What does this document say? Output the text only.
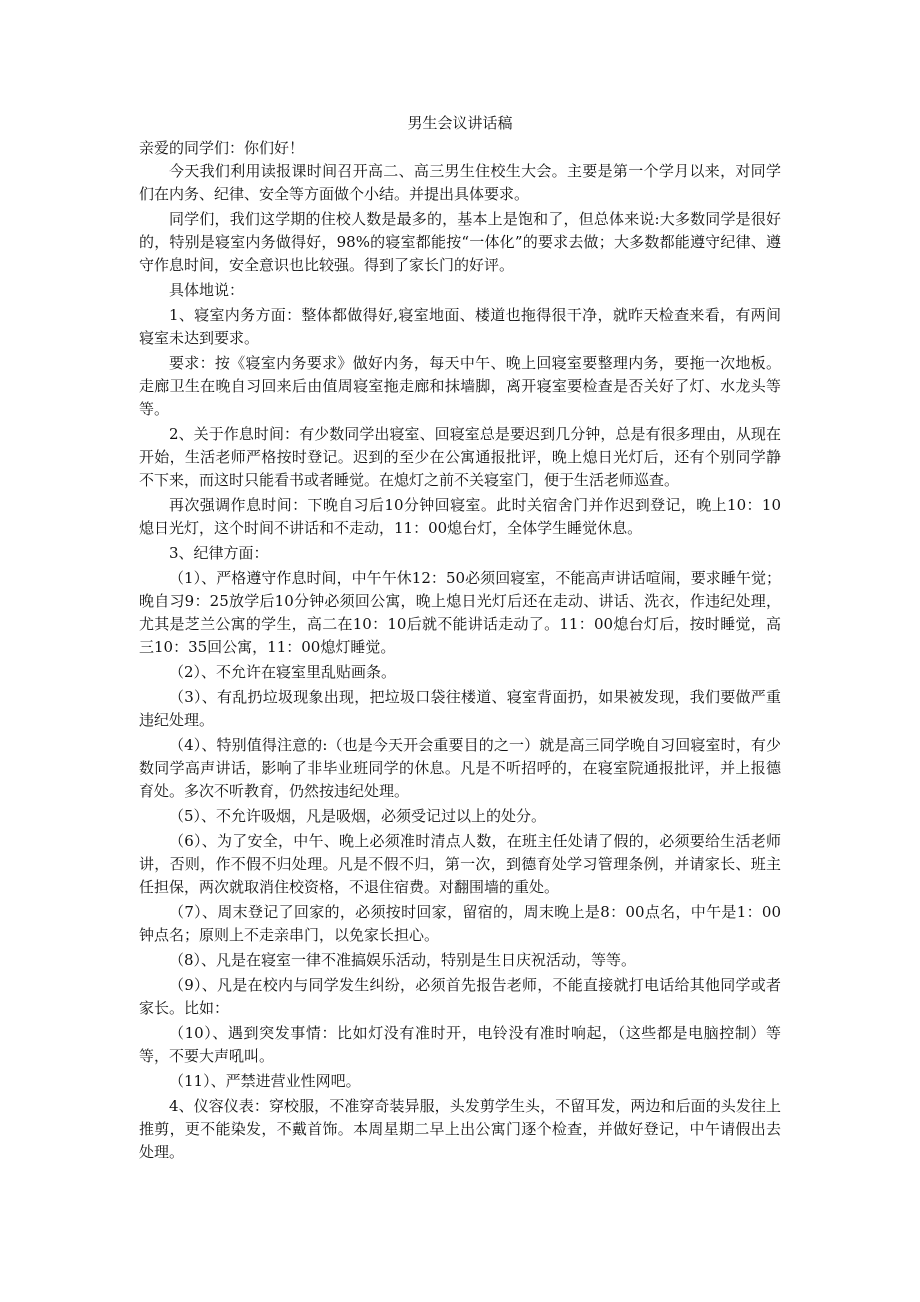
男生会议讲话稿

亲爱的同学们：你们好！

今天我们利用读报课时间召开高二、高三男生住校生大会。主要是第一个学月以来，对同学们在内务、纪律、安全等方面做个小结。并提出具体要求。

同学们，我们这学期的住校人数是最多的，基本上是饱和了，但总体来说:大多数同学是很好的，特别是寝室内务做得好，98%的寝室都能按“一体化”的要求去做；大多数都能遵守纪律、遵守作息时间，安全意识也比较强。得到了家长门的好评。

具体地说：

1、寝室内务方面：整体都做得好,寝室地面、楼道也拖得很干净，就昨天检查来看，有两间寝室未达到要求。

要求：按《寝室内务要求》做好内务，每天中午、晚上回寝室要整理内务，要拖一次地板。走廊卫生在晚自习回来后由值周寝室拖走廊和抹墙脚，离开寝室要检查是否关好了灯、水龙头等等。

2、关于作息时间：有少数同学出寝室、回寝室总是要迟到几分钟，总是有很多理由，从现在开始，生活老师严格按时登记。迟到的至少在公寓通报批评，晚上熄日光灯后，还有个别同学静不下来，而这时只能看书或者睡觉。在熄灯之前不关寝室门，便于生活老师巡查。

再次强调作息时间：下晚自习后10分钟回寝室。此时关宿舍门并作迟到登记，晚上10：10熄日光灯，这个时间不讲话和不走动，11：00熄台灯，全体学生睡觉休息。

3、纪律方面：

（1）、严格遵守作息时间，中午午休12：50必须回寝室，不能高声讲话喧闹，要求睡午觉；晚自习9：25放学后10分钟必须回公寓，晚上熄日光灯后还在走动、讲话、洗衣，作违纪处理，尤其是芝兰公寓的学生，高二在10：10后就不能讲话走动了。11：00熄台灯后，按时睡觉，高三10：35回公寓，11：00熄灯睡觉。

（2）、不允许在寝室里乱贴画条。

（3）、有乱扔垃圾现象出现，把垃圾口袋往楼道、寝室背面扔，如果被发现，我们要做严重违纪处理。

（4）、特别值得注意的:（也是今天开会重要目的之一）就是高三同学晚自习回寝室时，有少数同学高声讲话，影响了非毕业班同学的休息。凡是不听招呼的，在寝室院通报批评，并上报德育处。多次不听教育，仍然按违纪处理。

（5）、不允许吸烟，凡是吸烟，必须受记过以上的处分。

（6）、为了安全，中午、晚上必须准时清点人数，在班主任处请了假的，必须要给生活老师讲，否则，作不假不归处理。凡是不假不归，第一次，到德育处学习管理条例，并请家长、班主任担保，两次就取消住校资格，不退住宿费。对翻围墙的重处。

（7）、周末登记了回家的，必须按时回家，留宿的，周末晚上是8：00点名，中午是1：00钟点名；原则上不走亲串门，以免家长担心。

（8）、凡是在寝室一律不准搞娱乐活动，特别是生日庆祝活动，等等。

（9）、凡是在校内与同学发生纠纷，必须首先报告老师，不能直接就打电话给其他同学或者家长。比如：

（10）、遇到突发事情：比如灯没有准时开，电铃没有准时响起，（这些都是电脑控制）等等，不要大声吼叫。

（11）、严禁进营业性网吧。

4、仪容仪表：穿校服，不准穿奇装异服，头发剪学生头，不留耳发，两边和后面的头发往上推剪，更不能染发，不戴首饰。本周星期二早上出公寓门逐个检查，并做好登记，中午请假出去处理。
